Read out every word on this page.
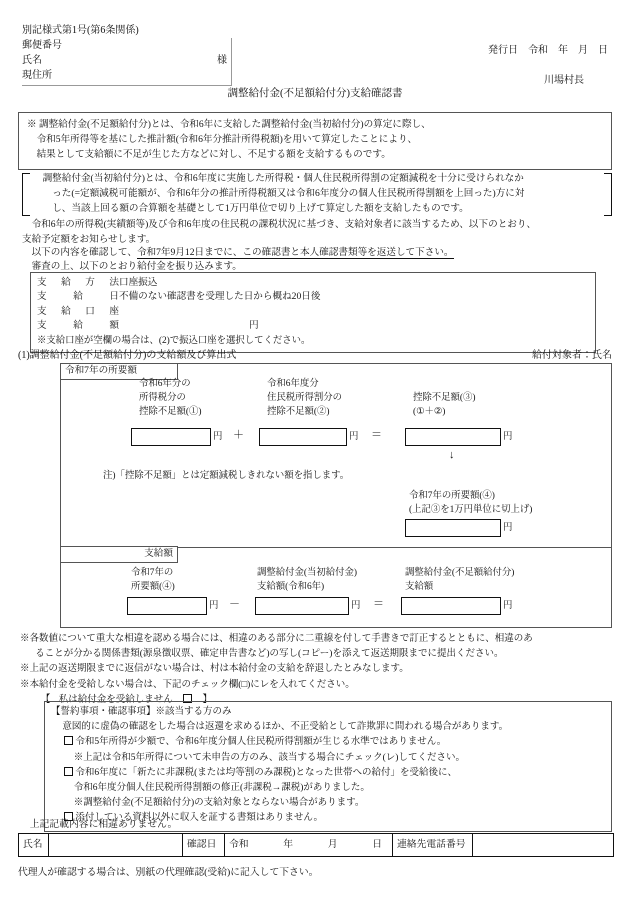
別記様式第1号(第6条関係)
郵便番号
氏名	様
現住所
発行日 令和 年 月 日
川場村長
調整給付金(不足額給付分)支給確認書
※ 調整給付金(不足額給付分)とは、令和6年に支給した調整給付金(当初給付分)の算定に際し、
令和5年所得等を基にした推計額(令和6年分推計所得税額)を用いて算定したことにより、
結果として支給額に不足が生じた方などに対し、不足する額を支給するものです。
調整給付金(当初給付分)とは、令和6年度に実施した所得税・個人住民税所得割の定額減税を十分に受けられなか
った(=定額減税可能額が、令和6年分の推計所得税額又は令和6年度分の個人住民税所得割額を上回った)方に対
し、当該上回る額の合算額を基礎として1万円単位で切り上げて算定した額を支給したものです。
令和6年の所得税(実績額等)及び令和6年度の住民税の課税状況に基づき、支給対象者に該当するため、以下のとおり、
支給予定額をお知らせします。
以下の内容を確認して、令和7年9月12日までに、この確認書と本人確認書類等を返送して下さい。
審査の上、以下のとおり給付金を振り込みます。
支 給 方 法 口座振込
支	給	日 不備のない確認書を受理した日から概ね20日後
支 給 口 座
支	給	額	円
※支給口座が空欄の場合は、(2)で振込口座を選択してください。
(1)調整給付金(不足額給付分)の支給額及び算出式	給付対象者：氏名
令和7年の所要額
支給額
令和6年分の
所得税分の
控除不足額(①)
令和6年度分
住民税所得割分の
控除不足額(②)
控除不足額(③)
(①＋②)
円 ＋	円 ＝	円
↓
注)「控除不足額」とは定額減税しきれない額を指します。
令和7年の所要額(④)
(上記③を1万円単位に切上げ)
円
令和7年の
所要額(④)
調整給付金(当初給付金)
支給額(令和6年)
調整給付金(不足額給付分)
支給額
円 －	円 ＝	円
※各数値について重大な相違を認める場合には、相違のある部分に二重線を付して手書きで訂正するとともに、相違のあ
ることが分かる関係書類(源泉徴収票、確定申告書など)の写し(コピー)を添えて返送期限までに提出ください。
※上記の返送期限までに返信がない場合は、村は本給付金の支給を辞退したとみなします。
※本給付金を受給しない場合は、下記のチェック欄(□)にレを入れてください。
【 私は給付金を受給しません	】
【誓約事項・確認事項】※該当する方のみ
意図的に虚偽の確認をした場合は返還を求めるほか、不正受給として詐欺罪に問われる場合があります。
令和5年所得が少額で、令和6年度分個人住民税所得割額が生じる水準ではありません。
※上記は令和5年所得について未申告の方のみ、該当する場合にチェック(レ)してください。
令和6年度に「新たに非課税(または均等割のみ課税)となった世帯への給付」を受給後に、
令和6年度分個人住民税所得割額の修正(非課税→課税)がありました。
※調整給付金(不足額給付分)の支給対象とならない場合があります。
添付している資料以外に収入を証する書類はありません。
上記記載内容に相違ありません。
氏名	確認日	令和	年	月	日	連絡先電話番号
代理人が確認する場合は、別紙の代理確認(受給)に記入して下さい。
